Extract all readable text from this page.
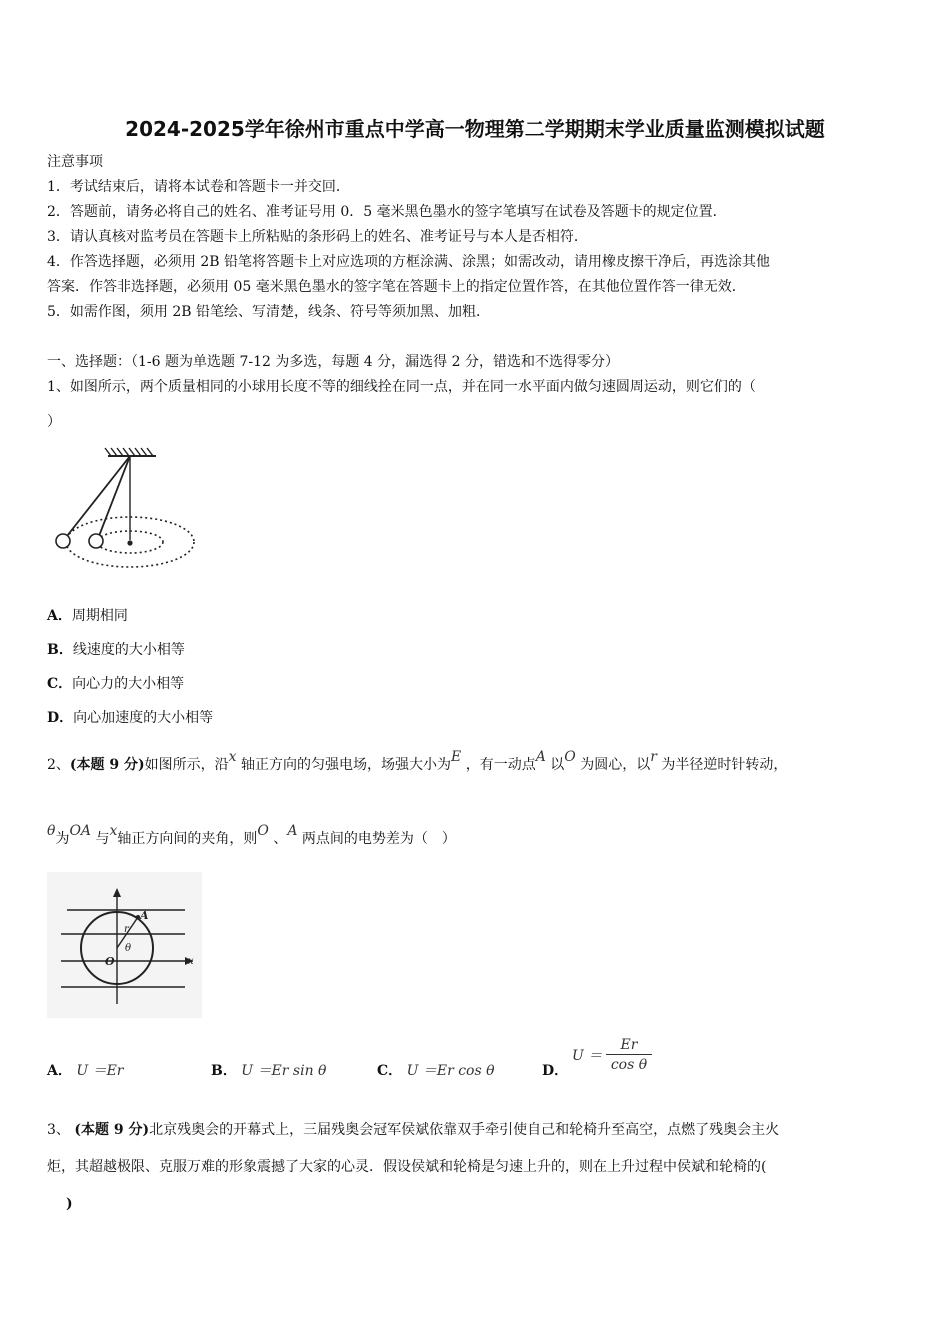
2024-2025学年徐州市重点中学高一物理第二学期期末学业质量监测模拟试题
注意事项
1．考试结束后，请将本试卷和答题卡一并交回．
2．答题前，请务必将自己的姓名、准考证号用 0．5 毫米黑色墨水的签字笔填写在试卷及答题卡的规定位置．
3．请认真核对监考员在答题卡上所粘贴的条形码上的姓名、准考证号与本人是否相符．
4．作答选择题，必须用 2B 铅笔将答题卡上对应选项的方框涂满、涂黑；如需改动，请用橡皮擦干净后，再选涂其他
答案．作答非选择题，必须用 05 毫米黑色墨水的签字笔在答题卡上的指定位置作答，在其他位置作答一律无效．
5．如需作图，须用 2B 铅笔绘、写清楚，线条、符号等须加黑、加粗．
一、选择题：（1-6 题为单选题 7-12 为多选，每题 4 分，漏选得 2 分，错选和不选得零分）
1、如图所示，两个质量相同的小球用长度不等的细线拴在同一点，并在同一水平面内做匀速圆周运动，则它们的（
）
A．周期相同
B．线速度的大小相等
C．向心力的大小相等
D．向心加速度的大小相等
2、(本题 9 分)如图所示，沿x 轴正方向的匀强电场，场强大小为E ，有一动点A 以O 为圆心，以r 为半径逆时针转动，
θ为OA 与x轴正方向间的夹角，则O 、A 两点间的电势差为（　）
A
r
θ
O	x
A． U ＝Er	B． U ＝Er sin θ	C． U ＝Er cos θ	D．
U ＝
Er
cos θ
3、 (本题 9 分)北京残奥会的开幕式上，三届残奥会冠军侯斌依靠双手牵引使自己和轮椅升至高空，点燃了残奥会主火
炬，其超越极限、克服万难的形象震撼了大家的心灵．假设侯斌和轮椅是匀速上升的，则在上升过程中侯斌和轮椅的(
)
